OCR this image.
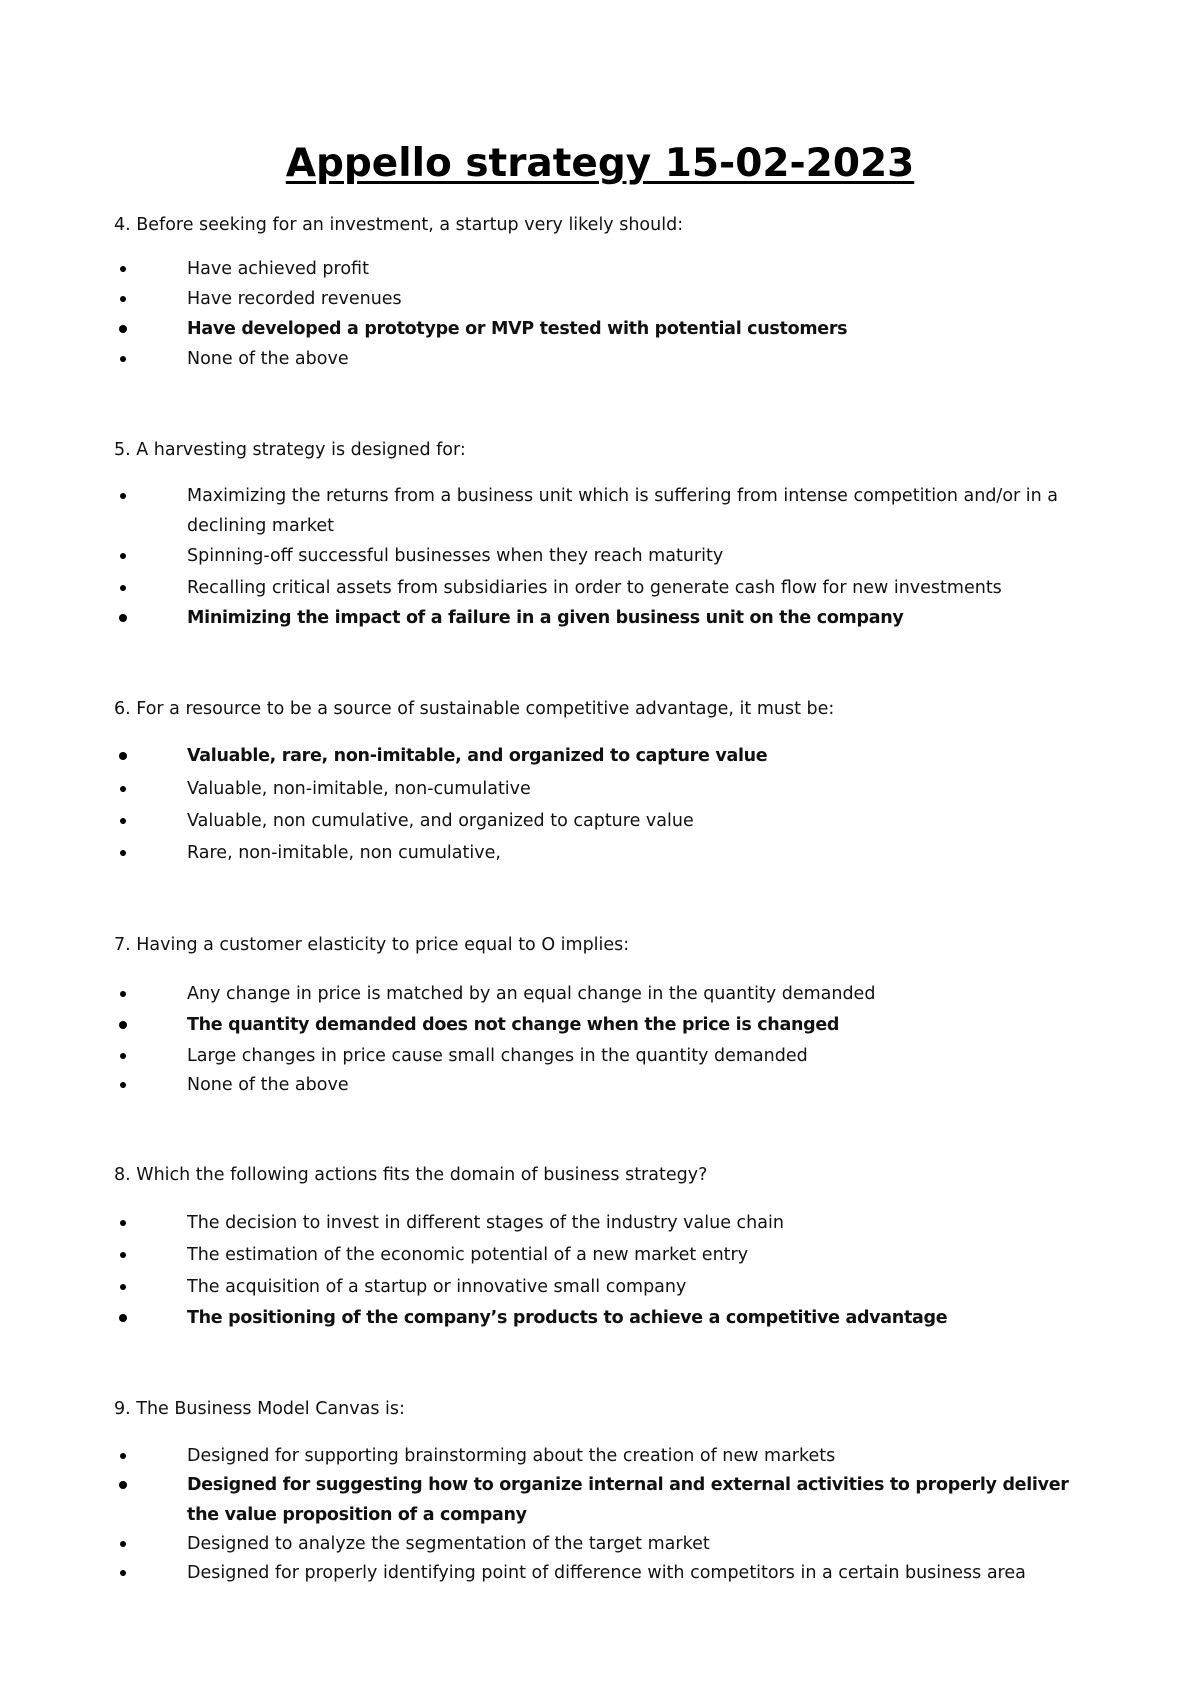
Appello strategy 15-02-2023

4. Before seeking for an investment, a startup very likely should:

Have achieved profit
Have recorded revenues
Have developed a prototype or MVP tested with potential customers
None of the above

5. A harvesting strategy is designed for:

Maximizing the returns from a business unit which is suffering from intense competition and/or in a declining market
Spinning-off successful businesses when they reach maturity
Recalling critical assets from subsidiaries in order to generate cash flow for new investments
Minimizing the impact of a failure in a given business unit on the company

6. For a resource to be a source of sustainable competitive advantage, it must be:

Valuable, rare, non-imitable, and organized to capture value
Valuable, non-imitable, non-cumulative
Valuable, non cumulative, and organized to capture value
Rare, non-imitable, non cumulative,

7. Having a customer elasticity to price equal to O implies:

Any change in price is matched by an equal change in the quantity demanded
The quantity demanded does not change when the price is changed
Large changes in price cause small changes in the quantity demanded
None of the above

8. Which the following actions fits the domain of business strategy?

The decision to invest in different stages of the industry value chain
The estimation of the economic potential of a new market entry
The acquisition of a startup or innovative small company
The positioning of the company’s products to achieve a competitive advantage

9. The Business Model Canvas is:

Designed for supporting brainstorming about the creation of new markets
Designed for suggesting how to organize internal and external activities to properly deliver the value proposition of a company
Designed to analyze the segmentation of the target market
Designed for properly identifying point of difference with competitors in a certain business area
